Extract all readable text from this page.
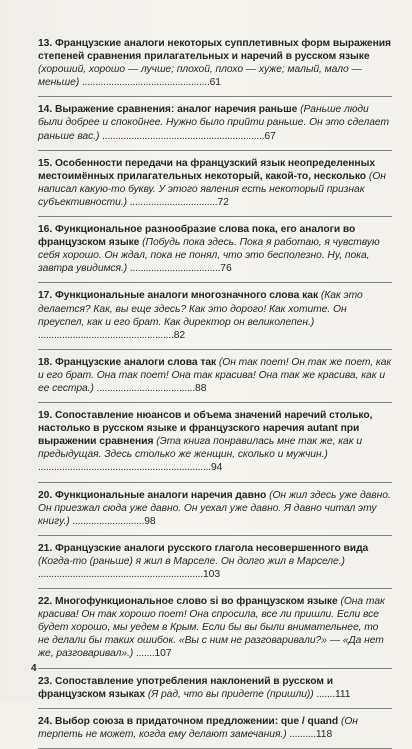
13. Французские аналоги некоторых супплетивных форм выражения степеней сравнения прилагательных и наречий в русском языке (хороший, хорошо — лучше; плохой, плохо — хуже; малый, мало — меньше) ................................................61
14. Выражение сравнения: аналог наречия раньше (Раньше люди были добрее и спокойнее. Нужно было прийти раньше. Он это сделает раньше вас.) .............................................................67
15. Особенности передачи на французский язык неопределенных местоимённых прилагательных некоторый, какой-то, несколько (Он написал какую-то букву. У этого явления есть некоторый признак субъективности.) .................................72
16. Функциональное разнообразие слова пока, его аналоги во французском языке (Побудь пока здесь. Пока я работаю, я чувствую себя хорошо. Он ждал, пока не понял, что это бесполезно. Ну, пока, завтра увидимся.) ..................................76
17. Функциональные аналоги многозначного слова как (Как это делается? Как, вы еще здесь? Как это дорого! Как хотите. Он преуспел, как и его брат. Как директор он великолепен.) ...................................................82
18. Французские аналоги слова так (Он так поет! Он так же поет, как и его брат. Она так поет! Она так красива! Она так же красива, как и ее сестра.) .....................................88
19. Сопоставление нюансов и объема значений наречий столько, настолько в русском языке и французского наречия autant при выражении сравнения (Эта книга понравилась мне так же, как и предыдущая. Здесь столько же женщин, сколько и мужчин.) .................................................................94
20. Функциональные аналоги наречия давно (Он жил здесь уже давно. Он приезжал сюда уже давно. Он уехал уже давно. Я давно читал эту книгу.) ...........................98
21. Французские аналоги русского глагола несовершенного вида (Когда-то (раньше) я жил в Марселе. Он долго жил в Марселе.) ..............................................................103
22. Многофункциональное слово si во французском языке (Она так красива! Он так хорошо поет! Она спросила, все ли пришли. Если все будет хорошо, мы уедем в Крым. Если бы вы были внимательнее, то не делали бы таких ошибок. «Вы с ним не разговаривали?» — «Да нет же, разговаривал».) .......107
23. Сопоставление употребления наклонений в русском и французском языках (Я рад, что вы придете (пришли)) .......111
24. Выбор союза в придаточном предложении: que / quand (Он терпеть не может, когда ему делают замечания.) ..........118
4
